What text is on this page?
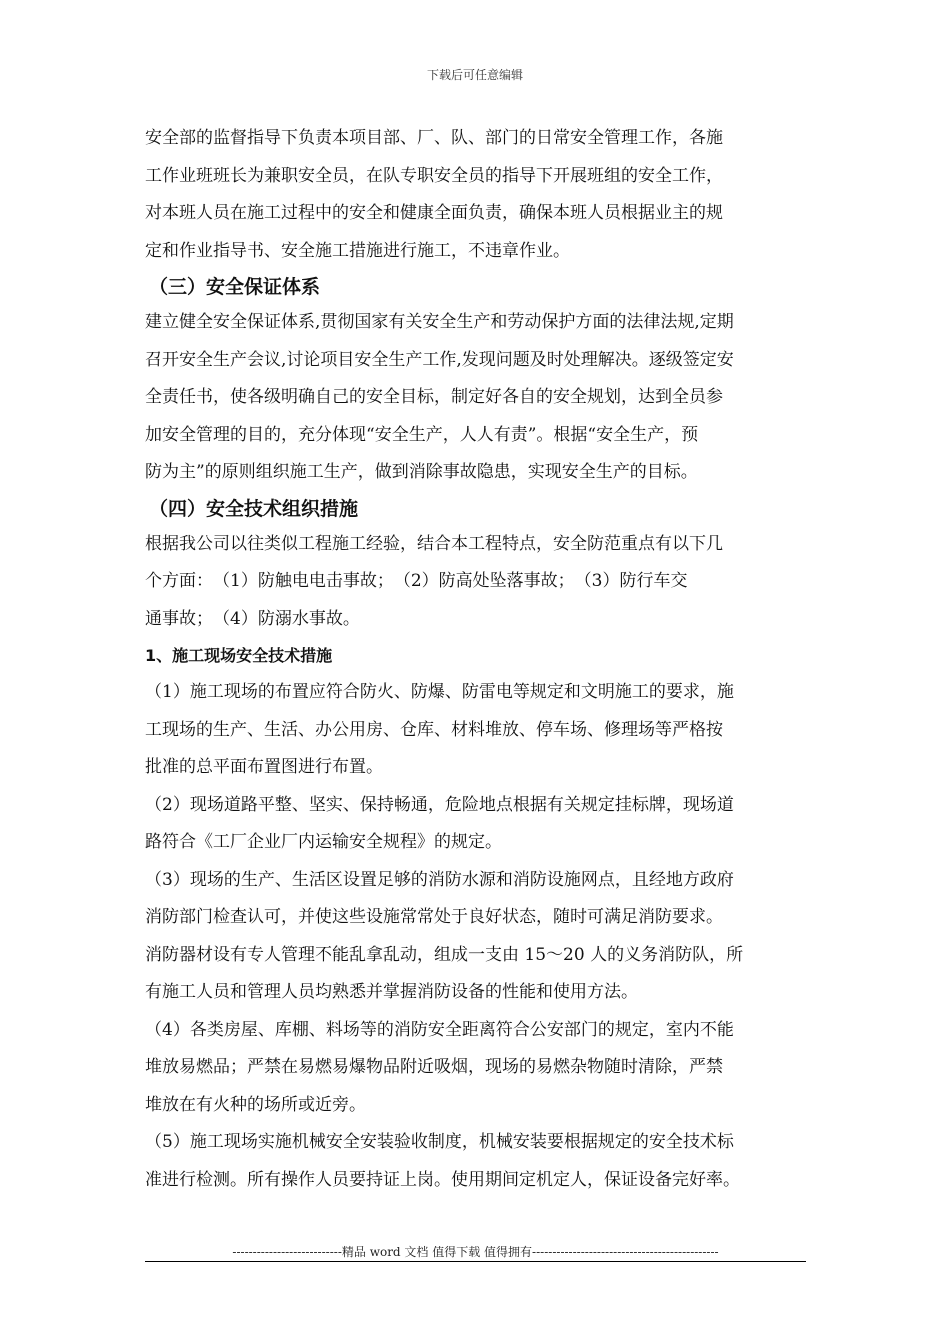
下载后可任意编辑

安全部的监督指导下负责本项目部、厂、队、部门的日常安全管理工作，各施

工作业班班长为兼职安全员，在队专职安全员的指导下开展班组的安全工作，

对本班人员在施工过程中的安全和健康全面负责，确保本班人员根据业主的规

定和作业指导书、安全施工措施进行施工，不违章作业。

（三）安全保证体系

建立健全安全保证体系,贯彻国家有关安全生产和劳动保护方面的法律法规,定期

召开安全生产会议,讨论项目安全生产工作,发现问题及时处理解决。逐级签定安

全责任书，使各级明确自己的安全目标，制定好各自的安全规划，达到全员参

加安全管理的目的，充分体现“安全生产，人人有责”。根据“安全生产，预

防为主”的原则组织施工生产，做到消除事故隐患，实现安全生产的目标。

（四）安全技术组织措施

根据我公司以往类似工程施工经验，结合本工程特点，安全防范重点有以下几

个方面：　（1）防触电电击事故；　（2）防高处坠落事故；　（3）防行车交

通事故；　（4）防溺水事故。

1、施工现场安全技术措施

（1）施工现场的布置应符合防火、防爆、防雷电等规定和文明施工的要求，施

工现场的生产、生活、办公用房、仓库、材料堆放、停车场、修理场等严格按

批准的总平面布置图进行布置。

（2）现场道路平整、坚实、保持畅通，危险地点根据有关规定挂标牌，现场道

路符合《工厂企业厂内运输安全规程》的规定。

（3）现场的生产、生活区设置足够的消防水源和消防设施网点，且经地方政府

消防部门检查认可，并使这些设施常常处于良好状态，随时可满足消防要求。

消防器材设有专人管理不能乱拿乱动，组成一支由 15～20 人的义务消防队，所

有施工人员和管理人员均熟悉并掌握消防设备的性能和使用方法。

（4）各类房屋、库棚、料场等的消防安全距离符合公安部门的规定，室内不能

堆放易燃品；严禁在易燃易爆物品附近吸烟，现场的易燃杂物随时清除，严禁

堆放在有火种的场所或近旁。

（5）施工现场实施机械安全安装验收制度，机械安装要根据规定的安全技术标

准进行检测。所有操作人员要持证上岗。使用期间定机定人，保证设备完好率。

---------------------------精品 word 文档 值得下载 值得拥有----------------------------------------------
